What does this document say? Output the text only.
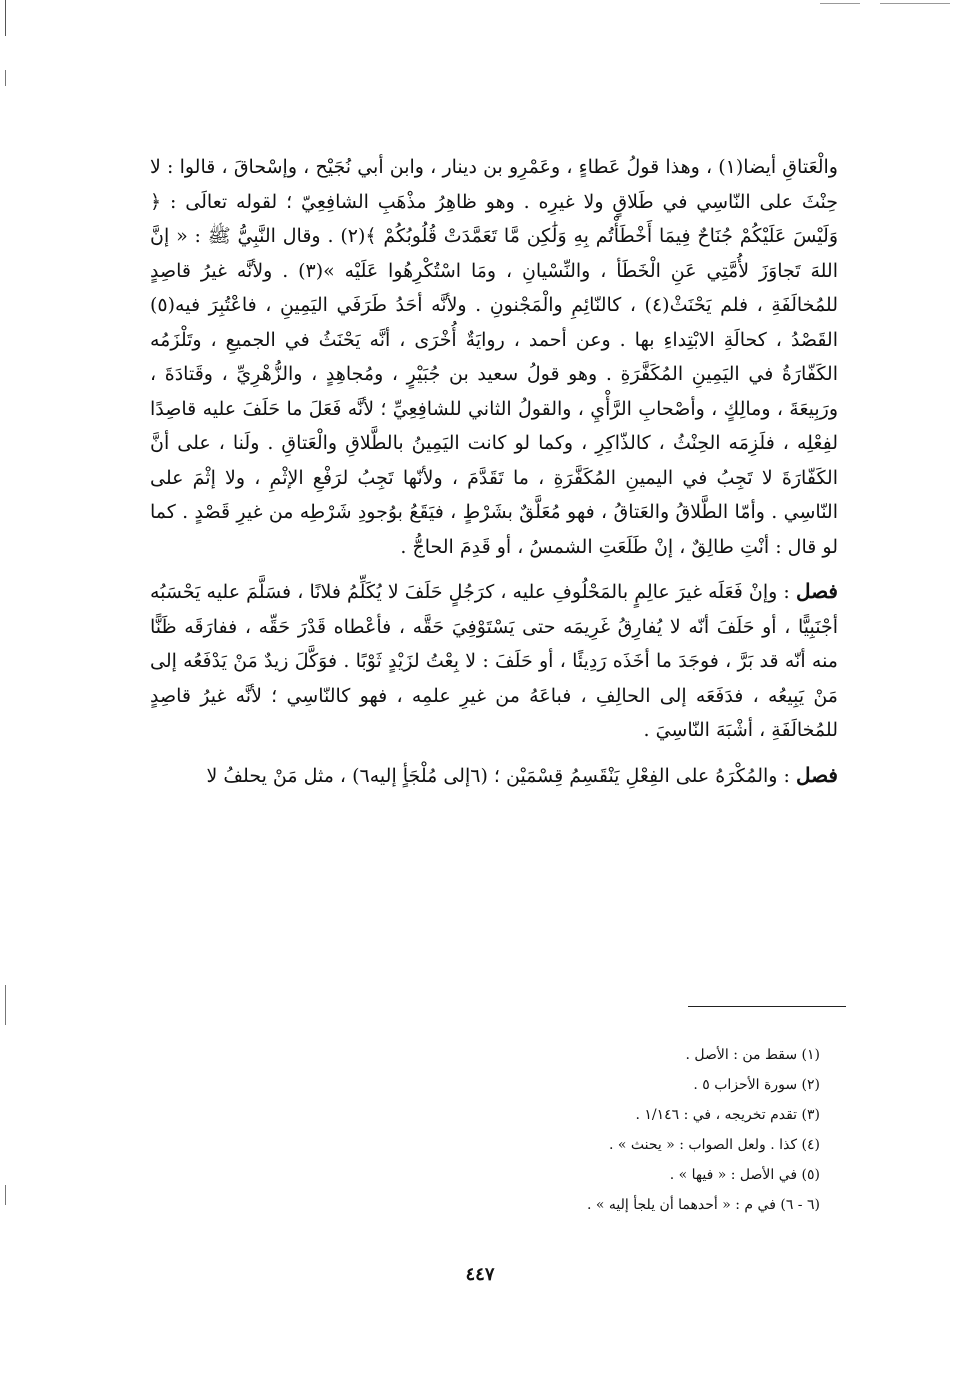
والْعَتاقِ أيضا(١) ، وهذا قولُ عَطاءٍ ، وعَمْرِو بن دينار ، وابن أبي نُجَيْح ، وإسْحاقَ ، قالوا : لا حِنْثَ على النّاسِي في طَلاقٍ ولا غيرِه . وهو ظاهِرُ مذْهَبِ الشافِعِيّ ؛ لقوله تعالَى : ﴿ وَلَيْسَ عَلَيْكُمْ جُنَاحٌ فِيمَا أَخْطَأْتُم بِهِ وَلَٰكِن مَّا تَعَمَّدَتْ قُلُوبُكُمْ ﴾(٢) . وقال النَّبِيُّ ﷺ : « إنَّ اللهَ تَجاوَزَ لأُمَّتِي عَنِ الْخَطَأ ، والنِّسْيانِ ، ومَا اسْتُكْرِهُوا عَلَيْه »(٣) . ولأنَّه غيرُ قاصِدٍ للمُخالَفَةِ ، فلم يَحْنَثْ(٤) ، كالنّائِمِ والْمَجْنونِ . ولأنَّه أحَدُ طَرَفَي اليَمِينِ ، فاعْتُبِرَ فيه(٥) القَصْدُ ، كحالَةِ الابْتِداءِ بها . وعن أحمد ، روايَةٌ أُخْرَى ، أنَّه يَحْنَثُ في الجميعِ ، وتَلْزَمُه الكَفّارَةُ في اليَمِينِ المُكَفَّرَةِ . وهو قولُ سعيد بن جُبَيْرٍ ، ومُجاهِدٍ ، والزُّهْرِيِّ ، وقَتادَةَ ، ورَبِيعَةَ ، ومالِكٍ ، وأصْحابِ الرَّأْيِ ، والقولُ الثاني للشافِعِيِّ ؛ لأنَّه فَعَلَ ما حَلَفَ عليه قاصِدًا لفِعْلِه ، فلَزِمَه الحِنْثُ ، كالذّاكِرِ ، وكما لو كانت اليَمِينُ بالطَّلاقِ والْعَتاقِ . ولَنا ، على أنَّ الكَفّارَةَ لا تَجِبُ في اليمينِ المُكَفَّرَةِ ، ما تَقَدَّمَ ، ولأنّها تَجِبُ لرَفْعِ الإثْمِ ، ولا إثْمَ على النّاسِي . وأمّا الطَّلاقُ والعَتاقُ ، فهو مُعَلَّقٌ بشَرْطٍ ، فيَقَعُ بوُجودِ شَرْطِه من غيرِ قَصْدٍ . كما لو قال : أنْتِ طالِقٌ ، إنْ طَلَعَتِ الشمسُ ، أو قَدِمَ الحاجُّ .

فصل : وإنْ فَعَلَه غيرَ عالِمٍ بالمَحْلُوفِ عليه ، كرَجُلٍ حَلَفَ لا يُكَلِّمُ فلانًا ، فسَلَّمَ عليه يَحْسَبُه أجْنَبِيًّا ، أو حَلَفَ أنّه لا يُفارِقُ غَرِيمَه حتى يَسْتَوْفِيَ حَقَّه ، فأعْطاه قَدْرَ حَقِّه ، ففارَقَه ظَنًّا منه أنّه قد بَرَّ ، فوجَدَ ما أخَذَه رَدِيئًا ، أو حَلَفَ : لا بِعْتُ لزَيْدٍ ثَوْبًا . فوَكَّلَ زيدٌ مَنْ يَدْفَعُه إلى مَنْ يَبِيعُه ، فدَفَعَه إلى الحالِفِ ، فباعَهُ من غيرِ علمِه ، فهو كالنّاسِي ؛ لأنَّه غيرُ قاصِدٍ للمُخالَفَةِ ، أشْبَهَ النّاسِيَ .

فصل : والمُكْرَهُ على الفِعْلِ يَنْقَسِمُ قِسْمَيْن ؛ (٦إلى مُلْجَأٍ إليه٦) ، مثل مَنْ يحلفُ لا

(١) سقط من : الأصل .
(٢) سورة الأحزاب ٥ .
(٣) تقدم تخريجه ، في : ١/١٤٦ .
(٤) كذا . ولعل الصواب : « يحنث » .
(٥) في الأصل : « فيها » .
(٦ - ٦) في م : « أحدهما أن يلجأ إليه » .
٤٤٧
